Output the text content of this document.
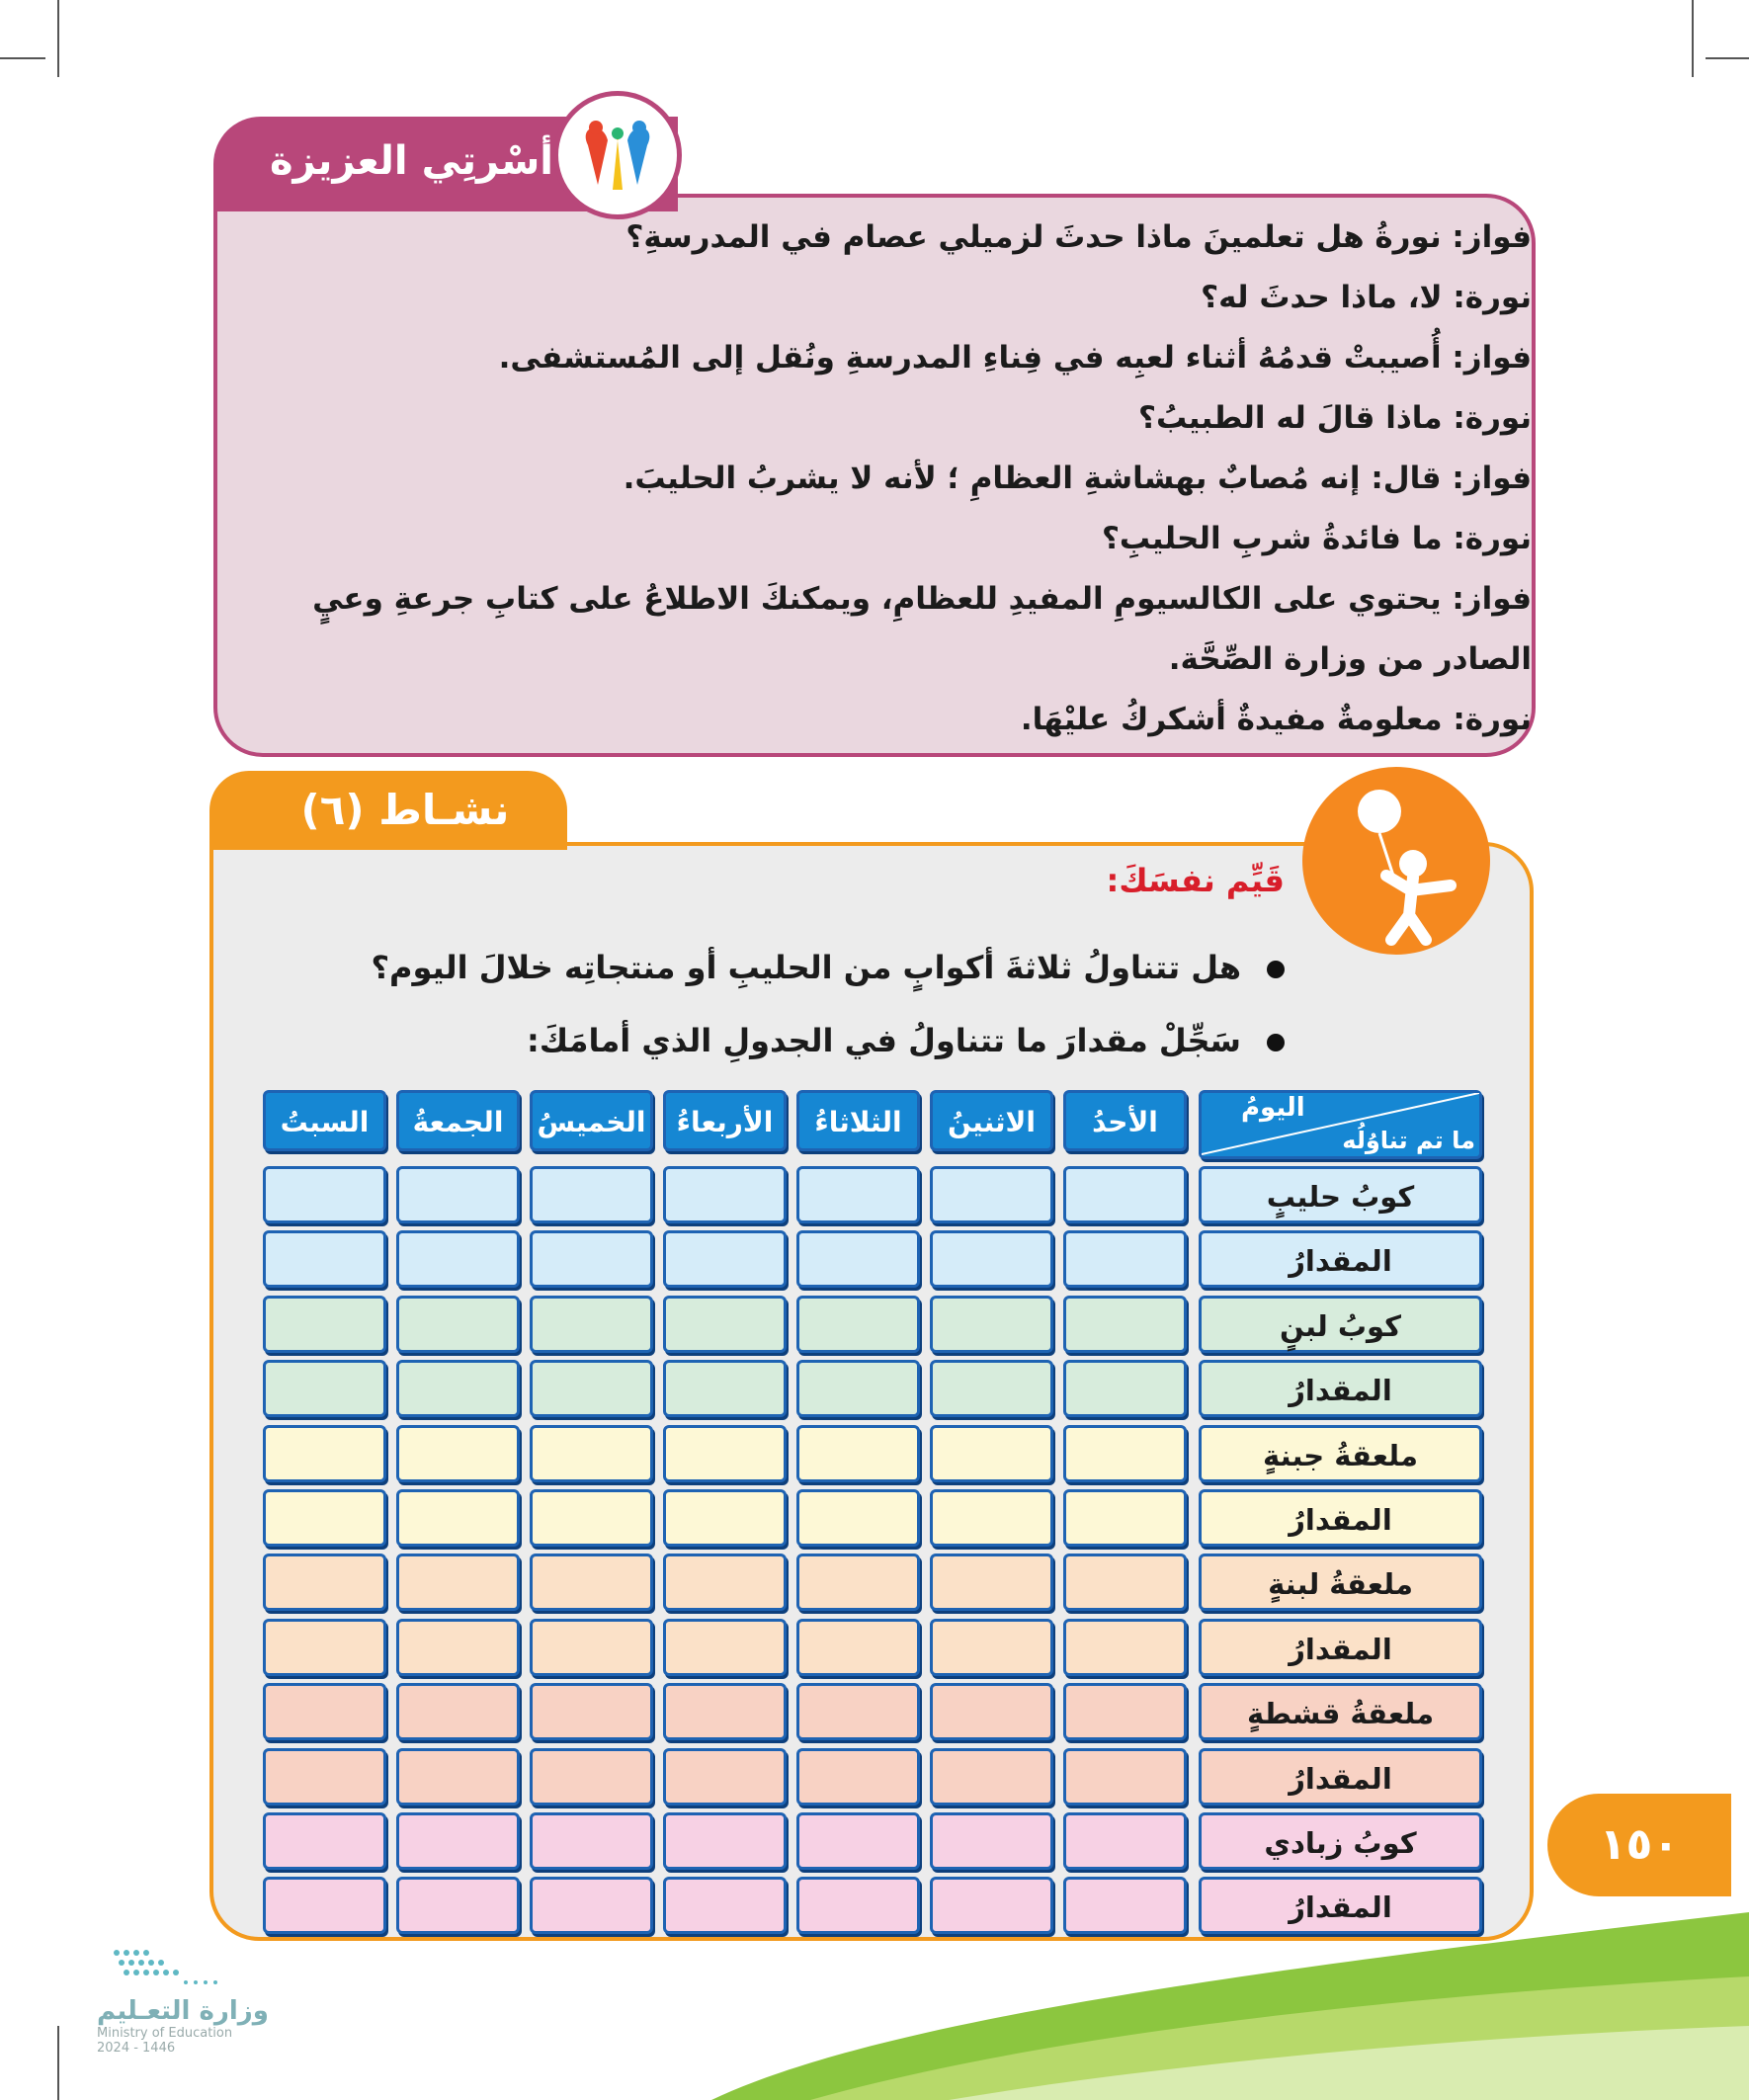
أسْرتِي العزيزة

فواز: نورةُ هل تعلمينَ ماذا حدثَ لزميلي عصام في المدرسةِ؟

نورة: لا، ماذا حدثَ له؟

فواز: أُصيبتْ قدمُهُ أثناء لعبِه في فِناءِ المدرسةِ ونُقل إلى المُستشفى.

نورة: ماذا قالَ له الطبيبُ؟

فواز: قال: إنه مُصابٌ بهشاشةِ العظامِ ؛ لأنه لا يشربُ الحليبَ.

نورة: ما فائدةُ شربِ الحليبِ؟

فواز: يحتوي على الكالسيومِ المفيدِ للعظامِ، ويمكنكَ الاطلاعُ على كتابِ جرعةِ وعيٍ الصادر من وزارة الصِّحَّة.

نورة: معلومةٌ مفيدةٌ أشكركُ عليْهَا.

نشـاط (٦)
قَيِّم نفسَكَ:
هل تتناولُ ثلاثةَ أكوابٍ من الحليبِ أو منتجاتِه خلالَ اليوم؟
سَجِّلْ مقدارَ ما تتناولُ في الجدولِ الذي أمامَكَ:
اليومُ
ما تم تناوُلُه
الأحدُ
الاثنينُ
الثلاثاءُ
الأربعاءُ
الخميسُ
الجمعةُ
السبتُ
كوبُ حليبٍ
المقدارُ
كوبُ لبنٍ
المقدارُ
ملعقةُ جبنةٍ
المقدارُ
ملعقةُ لبنةٍ
المقدارُ
ملعقةُ قشطةٍ
المقدارُ
كوبُ زبادي
المقدارُ
١٥٠
وزارة التعـليم
Ministry of Education
2024 - 1446
